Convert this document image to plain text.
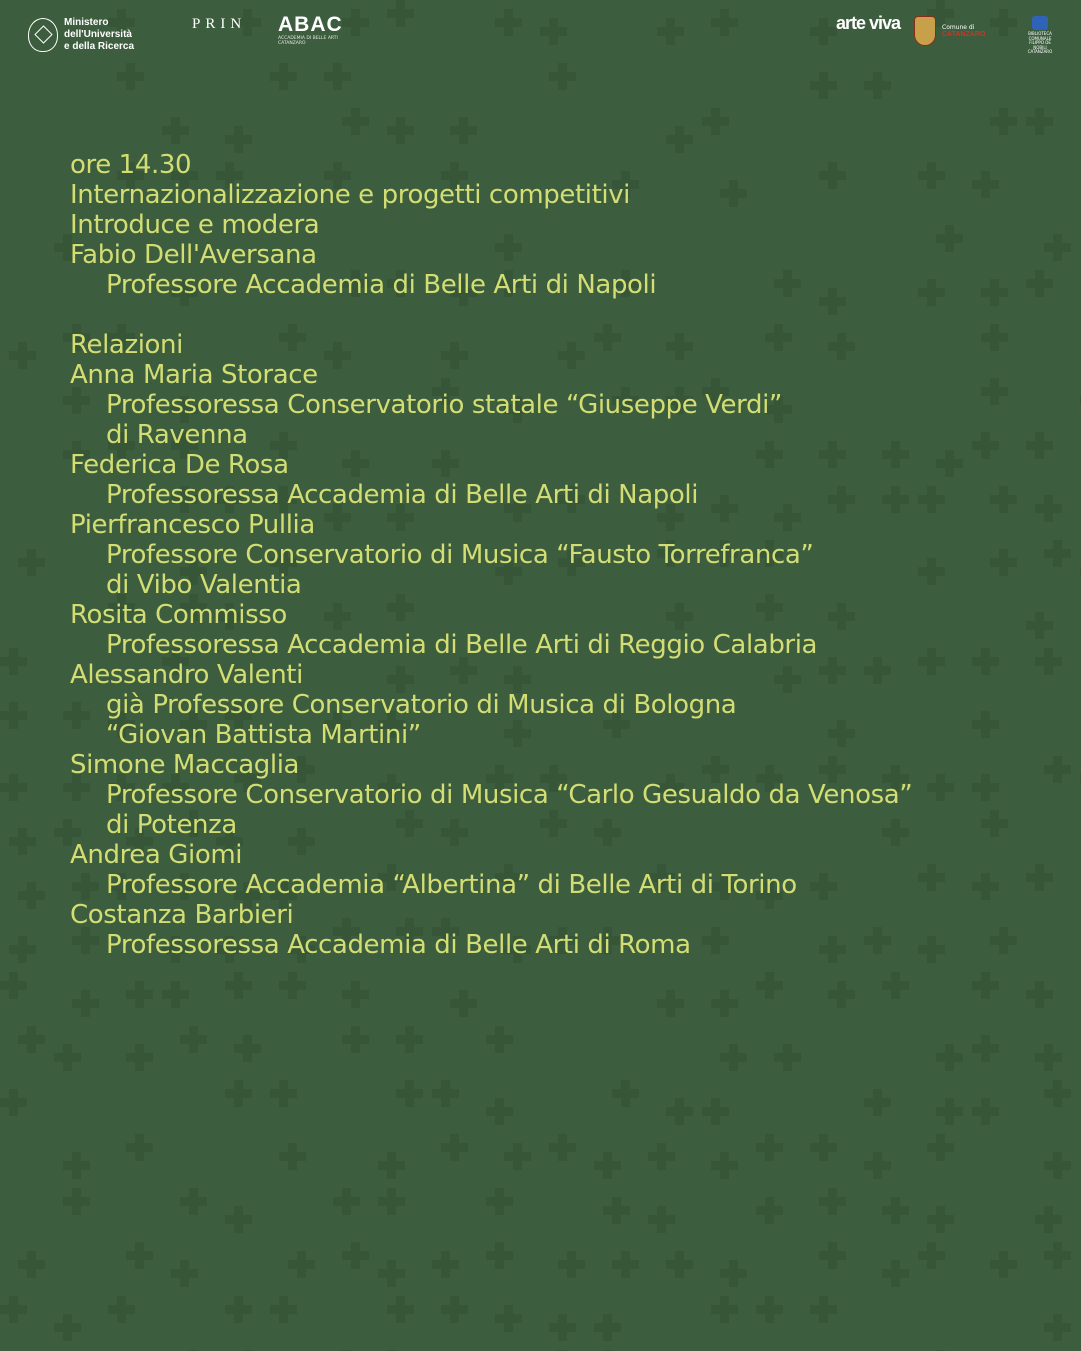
Ministero
dell'Università
e della Ricerca
PRIN ABAC
ACCADEMIA DI BELLE ARTI CATANZARO
arte viva	Comune di
CATANZARO	BIBLIOTECA COMUNALE FILIPPO DE NOBILI CATANZARO
ore 14.30
Internazionalizzazione e progetti competitivi
Introduce e modera
Fabio Dell'Aversana
Professore Accademia di Belle Arti di Napoli
Relazioni
Anna Maria Storace
Professoressa Conservatorio statale “Giuseppe Verdi”
di Ravenna
Federica De Rosa
Professoressa Accademia di Belle Arti di Napoli
Pierfrancesco Pullia
Professore Conservatorio di Musica “Fausto Torrefranca”
di Vibo Valentia
Rosita Commisso
Professoressa Accademia di Belle Arti di Reggio Calabria
Alessandro Valenti
già Professore Conservatorio di Musica di Bologna
“Giovan Battista Martini”
Simone Maccaglia
Professore Conservatorio di Musica “Carlo Gesualdo da Venosa”
di Potenza
Andrea Giomi
Professore Accademia “Albertina” di Belle Arti di Torino
Costanza Barbieri
Professoressa Accademia di Belle Arti di Roma
